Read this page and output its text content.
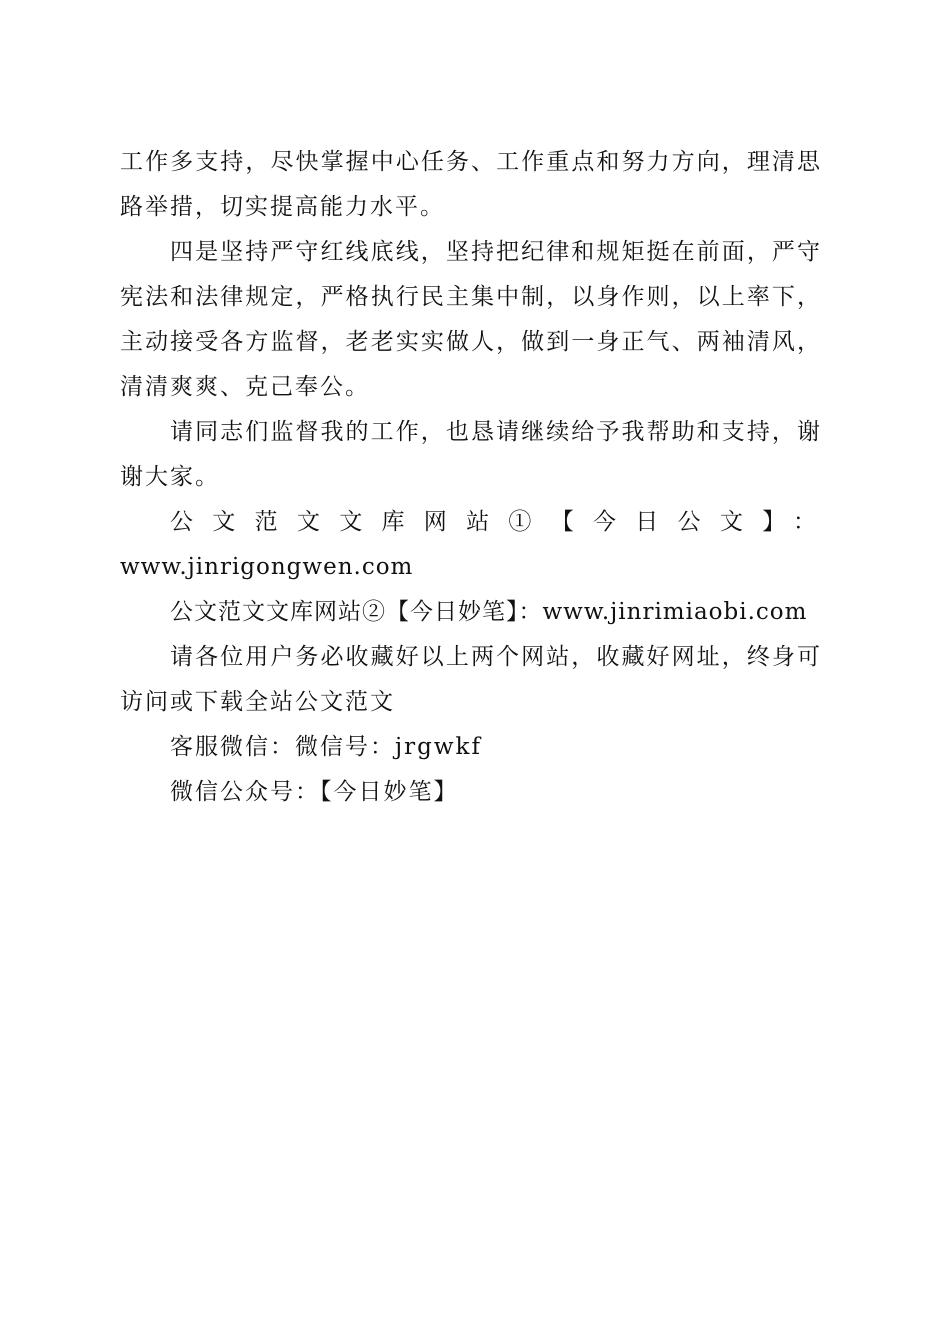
工作多支持，尽快掌握中心任务、工作重点和努力方向，理清思路举措，切实提高能力水平。

四是坚持严守红线底线，坚持把纪律和规矩挺在前面，严守宪法和法律规定，严格执行民主集中制，以身作则，以上率下，主动接受各方监督，老老实实做人，做到一身正气、两袖清风，清清爽爽、克己奉公。

请同志们监督我的工作，也恳请继续给予我帮助和支持，谢谢大家。

公文范文文库网站①【今日公文】：

www.jinrigongwen.com

公文范文文库网站②【今日妙笔】：www.jinrimiaobi.com

请各位用户务必收藏好以上两个网站，收藏好网址，终身可访问或下载全站公文范文

客服微信：微信号：jrgwkf

微信公众号：【今日妙笔】
